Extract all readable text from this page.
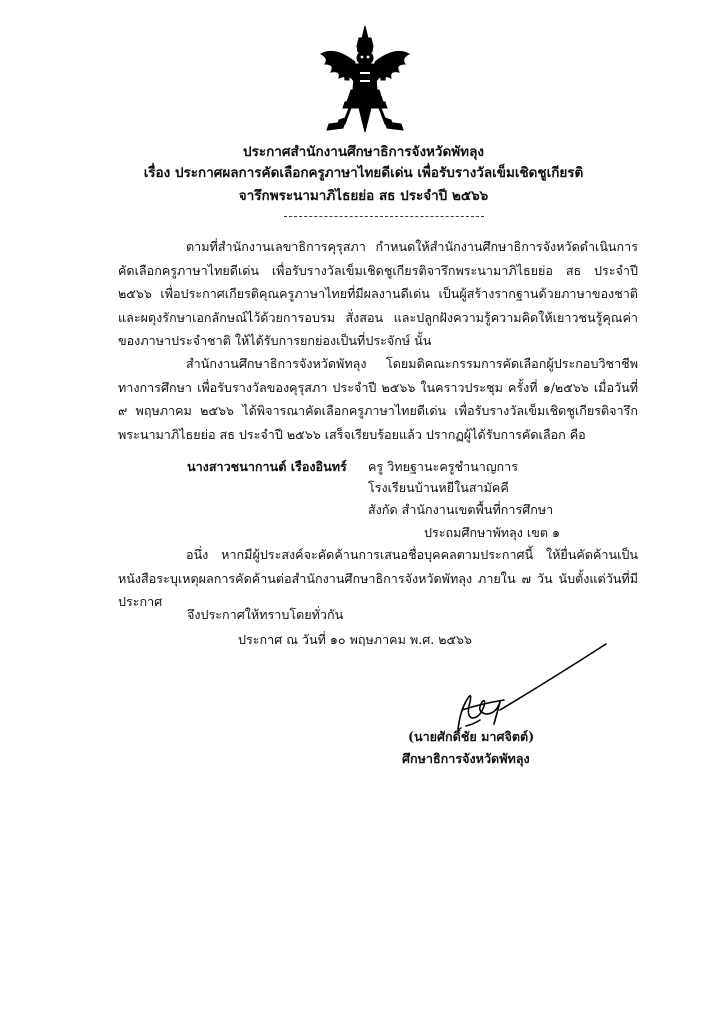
ประกาศสำนักงานศึกษาธิการจังหวัดพัทลุง
เรื่อง ประกาศผลการคัดเลือกครูภาษาไทยดีเด่น เพื่อรับรางวัลเข็มเชิดชูเกียรติ
จารึกพระนามาภิไธยย่อ สธ ประจำปี ๒๕๖๖
ตามที่สำนักงานเลขาธิการคุรุสภา กำหนดให้สำนักงานศึกษาธิการจังหวัดดำเนินการคัดเลือกครูภาษาไทยดีเด่น เพื่อรับรางวัลเข็มเชิดชูเกียรติจารึกพระนามาภิไธยย่อ สธ ประจำปี ๒๕๖๖ เพื่อประกาศเกียรติคุณครูภาษาไทยที่มีผลงานดีเด่น เป็นผู้สร้างรากฐานด้วยภาษาของชาติ และผดุงรักษาเอกลักษณ์ไว้ด้วยการอบรม สั่งสอน และปลูกฝังความรู้ความคิดให้เยาวชนรู้คุณค่าของภาษาประจำชาติ ให้ได้รับการยกย่องเป็นที่ประจักษ์ นั้น
สำนักงานศึกษาธิการจังหวัดพัทลุง โดยมติคณะกรรมการคัดเลือกผู้ประกอบวิชาชีพทางการศึกษา เพื่อรับรางวัลของคุรุสภา ประจำปี ๒๕๖๖ ในคราวประชุม ครั้งที่ ๑/๒๕๖๖ เมื่อวันที่ ๙ พฤษภาคม ๒๕๖๖ ได้พิจารณาคัดเลือกครูภาษาไทยดีเด่น เพื่อรับรางวัลเข็มเชิดชูเกียรติจารึกพระนามาภิไธยย่อ สธ ประจำปี ๒๕๖๖ เสร็จเรียบร้อยแล้ว ปรากฏผู้ได้รับการคัดเลือก คือ
นางสาวชนากานต์ เรืองอินทร์ ครู วิทยฐานะครูชำนาญการ
โรงเรียนบ้านหยีในสามัคคี
สังกัด สำนักงานเขตพื้นที่การศึกษา
ประถมศึกษาพัทลุง เขต ๑
อนึ่ง หากมีผู้ประสงค์จะคัดค้านการเสนอชื่อบุคคลตามประกาศนี้ ให้ยื่นคัดค้านเป็นหนังสือระบุเหตุผลการคัดค้านต่อสำนักงานศึกษาธิการจังหวัดพัทลุง ภายใน ๗ วัน นับตั้งแต่วันที่มีประกาศ
จึงประกาศให้ทราบโดยทั่วกัน
ประกาศ ณ วันที่ ๑๐ พฤษภาคม พ.ศ. ๒๕๖๖
(นายศักดิ์ชัย มาศจิตต์)
ศึกษาธิการจังหวัดพัทลุง
